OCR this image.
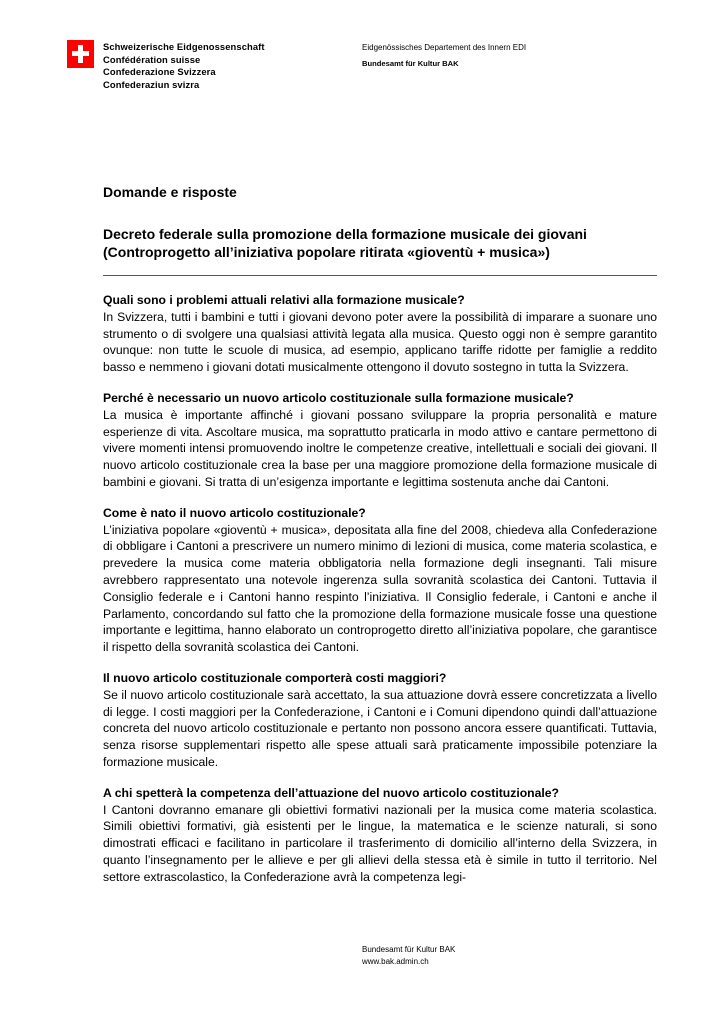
Schweizerische Eidgenossenschaft
Confédération suisse
Confederazione Svizzera
Confederaziun svizra
Eidgenössisches Departement des Innern EDI
Bundesamt für Kultur BAK
Domande e risposte
Decreto federale sulla promozione della formazione musicale dei giovani
(Controprogetto all’iniziativa popolare ritirata «gioventù + musica»)
Quali sono i problemi attuali relativi alla formazione musicale?
In Svizzera, tutti i bambini e tutti i giovani devono poter avere la possibilità di imparare a suonare uno strumento o di svolgere una qualsiasi attività legata alla musica. Questo oggi non è sempre garantito ovunque: non tutte le scuole di musica, ad esempio, applicano tariffe ridotte per famiglie a reddito basso e nemmeno i giovani dotati musicalmente ottengono il dovuto sostegno in tutta la Svizzera.
Perché è necessario un nuovo articolo costituzionale sulla formazione musicale?
La musica è importante affinché i giovani possano sviluppare la propria personalità e mature esperienze di vita. Ascoltare musica, ma soprattutto praticarla in modo attivo e cantare permettono di vivere momenti intensi promuovendo inoltre le competenze creative, intellettuali e sociali dei giovani. Il nuovo articolo costituzionale crea la base per una maggiore promozione della formazione musicale di bambini e giovani. Si tratta di un’esigenza importante e legittima sostenuta anche dai Cantoni.
Come è nato il nuovo articolo costituzionale?
L’iniziativa popolare «gioventù + musica», depositata alla fine del 2008, chiedeva alla Confederazione di obbligare i Cantoni a prescrivere un numero minimo di lezioni di musica, come materia scolastica, e prevedere la musica come materia obbligatoria nella formazione degli insegnanti. Tali misure avrebbero rappresentato una notevole ingerenza sulla sovranità scolastica dei Cantoni. Tuttavia il Consiglio federale e i Cantoni hanno respinto l’iniziativa. Il Consiglio federale, i Cantoni e anche il Parlamento, concordando sul fatto che la promozione della formazione musicale fosse una questione importante e legittima, hanno elaborato un controprogetto diretto all’iniziativa popolare, che garantisce il rispetto della sovranità scolastica dei Cantoni.
Il nuovo articolo costituzionale comporterà costi maggiori?
Se il nuovo articolo costituzionale sarà accettato, la sua attuazione dovrà essere concretizzata a livello di legge. I costi maggiori per la Confederazione, i Cantoni e i Comuni dipendono quindi dall’attuazione concreta del nuovo articolo costituzionale e pertanto non possono ancora essere quantificati. Tuttavia, senza risorse supplementari rispetto alle spese attuali sarà praticamente impossibile potenziare la formazione musicale.
A chi spetterà la competenza dell’attuazione del nuovo articolo costituzionale?
I Cantoni dovranno emanare gli obiettivi formativi nazionali per la musica come materia scolastica. Simili obiettivi formativi, già esistenti per le lingue, la matematica e le scienze naturali, si sono dimostrati efficaci e facilitano in particolare il trasferimento di domicilio all’interno della Svizzera, in quanto l’insegnamento per le allieve e per gli allievi della stessa età è simile in tutto il territorio. Nel settore extrascolastico, la Confederazione avrà la competenza legi-
Bundesamt für Kultur BAK
www.bak.admin.ch
